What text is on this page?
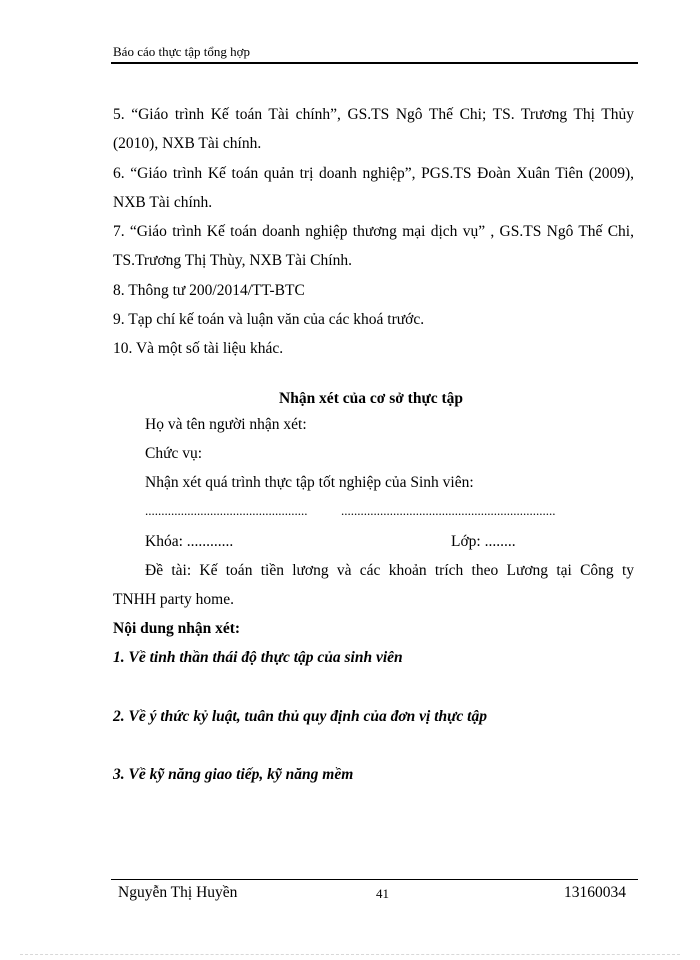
Báo cáo thực tập tổng hợp
5. “Giáo trình Kế toán Tài chính”, GS.TS Ngô Thế Chi; TS. Trương Thị Thủy
(2010), NXB Tài chính.
6. “Giáo trình Kế toán quản trị doanh nghiệp”, PGS.TS Đoàn Xuân Tiên (2009),
NXB Tài chính.
7. “Giáo trình Kế toán doanh nghiệp thương mại dịch vụ” , GS.TS Ngô Thế Chi,
TS.Trương Thị Thùy, NXB Tài Chính.
8. Thông tư 200/2014/TT-BTC
9. Tạp chí kế toán và luận văn của các khoá trước.
10. Và một số tài liệu khác.
Nhận xét của cơ sở thực tập
Họ và tên người nhận xét:
Chức vụ:
Nhận xét quá trình thực tập tốt nghiệp của Sinh viên:
..................................................	..................................................................
Khóa: ............	Lớp: ........
Đề tài: Kế toán tiền lương và các khoản trích theo Lương tại Công ty
TNHH party home.
Nội dung nhận xét:
1. Về tinh thần thái độ thực tập của sinh viên
2. Về ý thức kỷ luật, tuân thủ quy định của đơn vị thực tập
3. Về kỹ năng giao tiếp, kỹ năng mềm
Nguyễn Thị Huyền	41	13160034
